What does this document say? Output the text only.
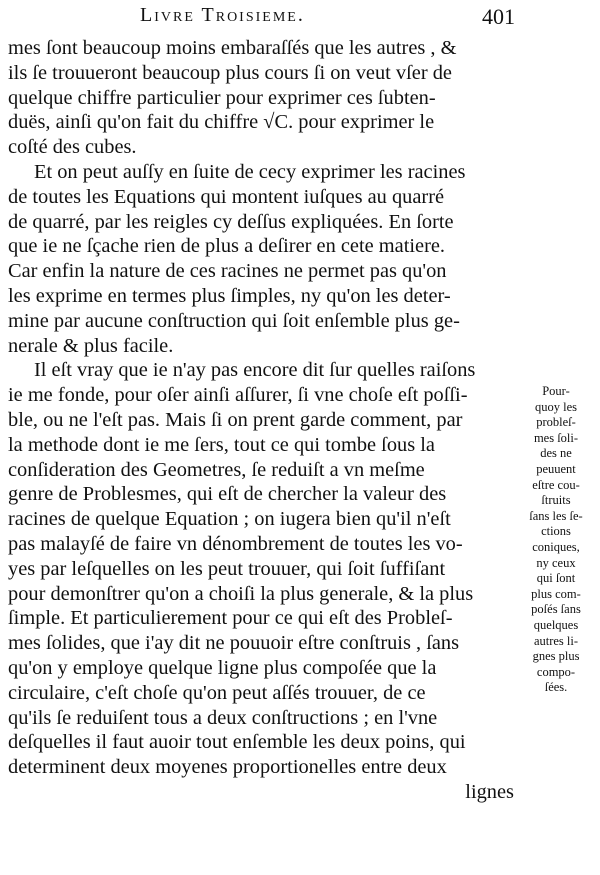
Livre Troisieme.	401
mes ſont beaucoup moins embaraſſés que les autres , &
ils ſe trouueront beaucoup plus cours ſi on veut vſer de
quelque chiffre particulier pour exprimer ces ſubten-
duës, ainſi qu'on fait du chiffre √C. pour exprimer le
coſté des cubes.
Et on peut auſſy en ſuite de cecy exprimer les racines
de toutes les Equations qui montent iuſques au quarré
de quarré, par les reigles cy deſſus expliquées. En ſorte
que ie ne ſçache rien de plus a deſirer en cete matiere.
Car enfin la nature de ces racines ne permet pas qu'on
les exprime en termes plus ſimples, ny qu'on les deter-
mine par aucune conſtruction qui ſoit enſemble plus ge-
nerale & plus facile.
Il eſt vray que ie n'ay pas encore dit ſur quelles raiſons
ie me fonde, pour oſer ainſi aſſurer, ſi vne choſe eſt poſſi-
ble, ou ne l'eſt pas. Mais ſi on prent garde comment, par
la methode dont ie me ſers, tout ce qui tombe ſous la
conſideration des Geometres, ſe reduiſt a vn meſme
genre de Problesmes, qui eſt de chercher la valeur des
racines de quelque Equation ; on iugera bien qu'il n'eſt
pas malayſé de faire vn dénombrement de toutes les vo-
yes par leſquelles on les peut trouuer, qui ſoit ſuffiſant
pour demonſtrer qu'on a choiſi la plus generale, & la plus
ſimple. Et particulierement pour ce qui eſt des Probleſ-
mes ſolides, que i'ay dit ne pouuoir eſtre conſtruis , ſans
qu'on y employe quelque ligne plus compoſée que la
circulaire, c'eſt choſe qu'on peut aſſés trouuer, de ce
qu'ils ſe reduiſent tous a deux conſtructions ; en l'vne
deſquelles il faut auoir tout enſemble les deux poins, qui
determinent deux moyenes proportionelles entre deux
lignes
Pour-
quoy les
probleſ-
mes ſoli-
des ne
peuuent
eſtre cou-
ſtruits
ſans les ſe-
ctions
coniques,
ny ceux
qui ſont
plus com-
poſés ſans
quelques
autres li-
gnes plus
compo-
ſées.
